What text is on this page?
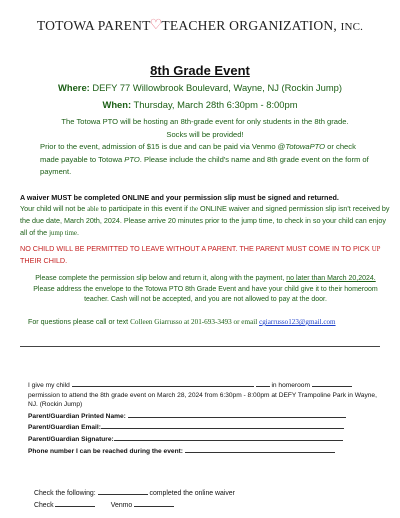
TOTOWA PARENT♡TEACHER ORGANIZATION, INC.
8th Grade Event
Where: DEFY 77 Willowbrook Boulevard, Wayne, NJ (Rockin Jump)
When: Thursday, March 28th 6:30pm - 8:00pm
The Totowa PTO will be hosting an 8th-grade event for only students in the 8th grade.
Socks will be provided!
Prior to the event, admission of $15 is due and can be paid via Venmo @TotowaPTO or check made payable to Totowa PTO. Please include the child's name and 8th grade event on the form of payment.
A waiver MUST be completed ONLINE and your permission slip must be signed and returned.
Your child will not be able to participate in this event if the ONLINE waiver and signed permission slip isn't received by the due date, March 20th, 2024. Please arrive 20 minutes prior to the jump time, to check in so your child can enjoy all of the jump time.
NO CHILD WILL BE PERMITTED TO LEAVE WITHOUT A PARENT. THE PARENT MUST COME IN TO PICK UP THEIR CHILD.
Please complete the permission slip below and return it, along with the payment, no later than March 20,2024. Please address the envelope to the Totowa PTO 8th Grade Event and have your child give it to their homeroom teacher. Cash will not be accepted, and you are not allowed to pay at the door.
For questions please call or text Colleen Giarrusso at 201-693-3493 or email cgiarrusso123@gmail.com
I give my child	in homeroom
permission to attend the 8th grade event on March 28, 2024 from 6:30pm - 8:00pm at DEFY Trampoline Park in Wayne, NJ. (Rockin Jump)
Parent/Guardian Printed Name:
Parent/Guardian Email:
Parent/Guardian Signature:
Phone number I can be reached during the event:
Check the following:	completed the online waiver
Check	Venmo
